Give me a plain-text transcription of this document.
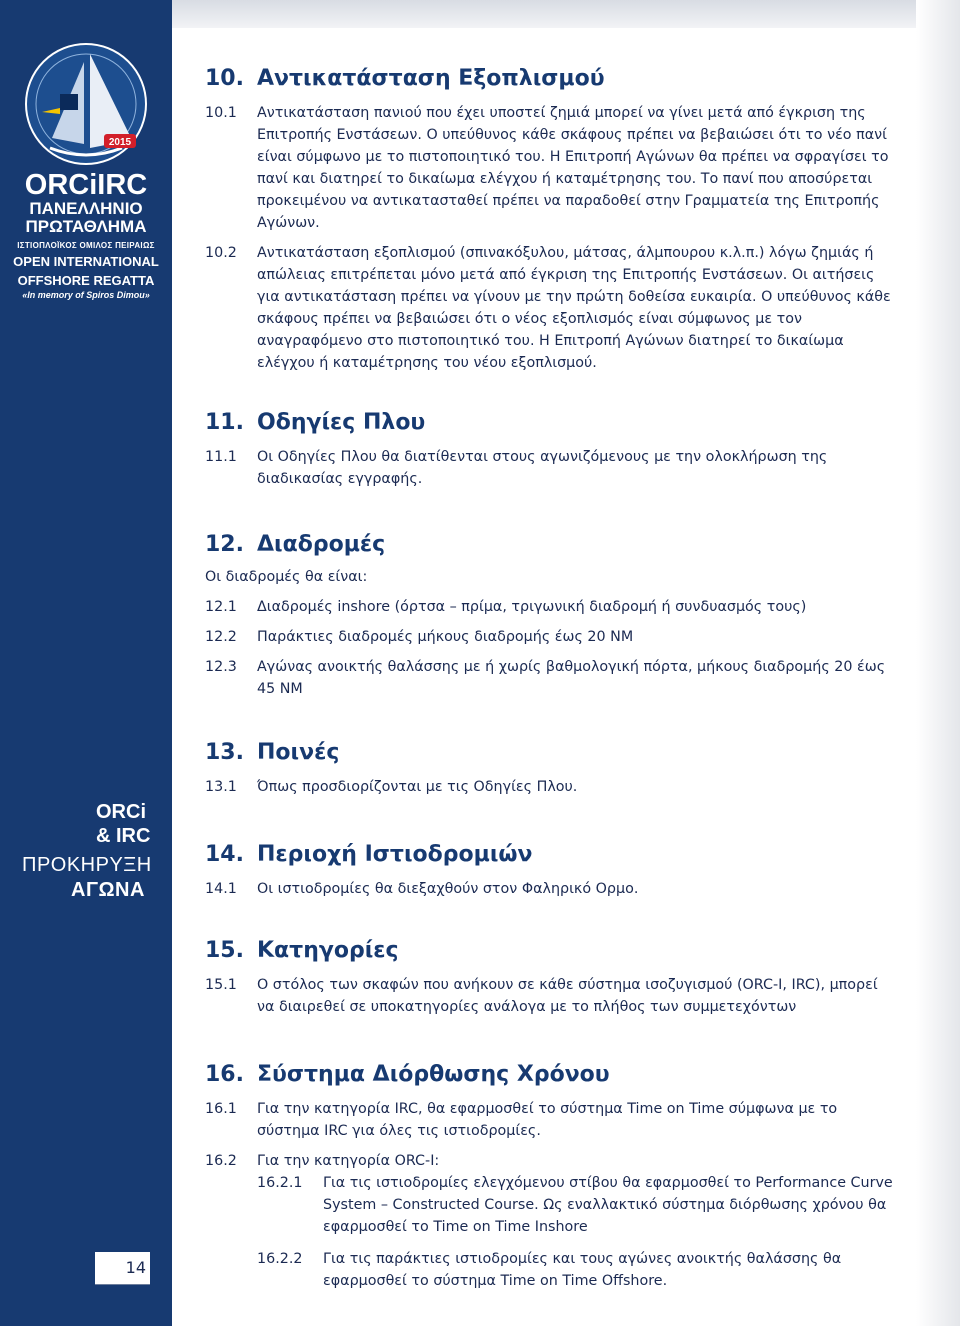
2015
ORCiIRC
ΠΑΝΕΛΛΗΝΙΟ
ΠΡΩΤΑΘΛΗΜΑ
ΙΣΤΙΟΠΛΟΪΚΟΣ ΟΜΙΛΟΣ ΠΕΙΡΑΙΩΣ
OPEN INTERNATIONAL
OFFSHORE REGATTA
«In memory of Spiros Dimou»
ORCi
& IRC
ΠΡΟΚΗΡΥΞΗ
ΑΓΩΝΑ
14
10. Αντικατάσταση Εξοπλισμού
10.1	Αντικατάσταση πανιού που έχει υποστεί ζημιά μπορεί να γίνει μετά από έγκριση της Επιτροπής Ενστάσεων. Ο υπεύθυνος κάθε σκάφους πρέπει να βεβαιώσει ότι το νέο πανί είναι σύμφωνο με το πιστοποιητικό του. Η Επιτροπή Αγώνων θα πρέπει να σφραγίσει το πανί και διατηρεί το δικαίωμα ελέγχου ή καταμέτρησης του. Το πανί που αποσύρεται προκειμένου να αντικατασταθεί πρέπει να παραδοθεί στην Γραμματεία της Επιτροπής Αγώνων.
10.2	Αντικατάσταση εξοπλισμού (σπινακόξυλου, μάτσας, άλμπουρου κ.λ.π.) λόγω ζημιάς ή απώλειας επιτρέπεται μόνο μετά από έγκριση της Επιτροπής Ενστάσεων. Οι αιτήσεις για αντικατάσταση πρέπει να γίνουν με την πρώτη δοθείσα ευκαιρία. Ο υπεύθυνος κάθε σκάφους πρέπει να βεβαιώσει ότι ο νέος εξοπλισμός είναι σύμφωνος με τον αναγραφόμενο στο πιστοποιητικό του. Η Επιτροπή Αγώνων διατηρεί το δικαίωμα ελέγχου ή καταμέτρησης του νέου εξοπλισμού.
11. Οδηγίες Πλου
11.1	Οι Οδηγίες Πλου θα διατίθενται στους αγωνιζόμενους με την ολοκλήρωση της διαδικασίας εγγραφής.
12. Διαδρομές
Οι διαδρομές θα είναι:
12.1	Διαδρομές inshore (όρτσα – πρίμα, τριγωνική διαδρομή ή συνδυασμός τους)
12.2	Παράκτιες διαδρομές μήκους διαδρομής έως 20 NM
12.3	Αγώνας ανοικτής θαλάσσης με ή χωρίς βαθμολογική πόρτα, μήκους διαδρομής 20 έως 45 NM
13. Ποινές
13.1	Όπως προσδιορίζονται με τις Οδηγίες Πλου.
14. Περιοχή Ιστιοδρομιών
14.1	Οι ιστιοδρομίες θα διεξαχθούν στον Φαληρικό Ορμο.
15. Κατηγορίες
15.1	Ο στόλος των σκαφών που ανήκουν σε κάθε σύστημα ισοζυγισμού (ORC-I, IRC), μπορεί να διαιρεθεί σε υποκατηγορίες ανάλογα με το πλήθος των συμμετεχόντων
16. Σύστημα Διόρθωσης Χρόνου
16.1	Για την κατηγορία IRC, θα εφαρμοσθεί το σύστημα Time on Time σύμφωνα με το σύστημα IRC για όλες τις ιστιοδρομίες.
16.2	Για την κατηγορία ORC-I:
16.2.1	Για τις ιστιοδρομίες ελεγχόμενου στίβου θα εφαρμοσθεί το Performance Curve System – Constructed Course. Ως εναλλακτικό σύστημα διόρθωσης χρόνου θα εφαρμοσθεί το Time on Time Inshore
16.2.2	Για τις παράκτιες ιστιοδρομίες και τους αγώνες ανοικτής θαλάσσης θα εφαρμοσθεί το σύστημα Time on Time Offshore.
